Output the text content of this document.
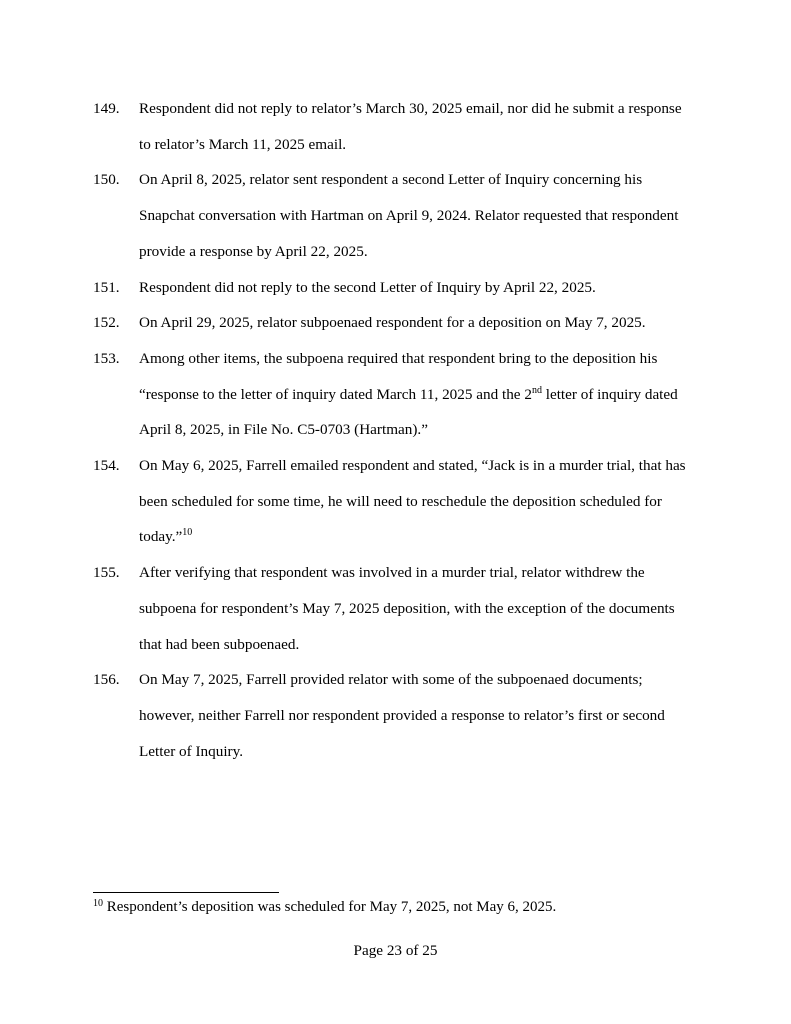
149. Respondent did not reply to relator’s March 30, 2025 email, nor did he submit a response
to relator’s March 11, 2025 email.
150. On April 8, 2025, relator sent respondent a second Letter of Inquiry concerning his
Snapchat conversation with Hartman on April 9, 2024. Relator requested that respondent
provide a response by April 22, 2025.
151. Respondent did not reply to the second Letter of Inquiry by April 22, 2025.
152. On April 29, 2025, relator subpoenaed respondent for a deposition on May 7, 2025.
153. Among other items, the subpoena required that respondent bring to the deposition his
“response to the letter of inquiry dated March 11, 2025 and the 2nd letter of inquiry dated
April 8, 2025, in File No. C5-0703 (Hartman).”
154. On May 6, 2025, Farrell emailed respondent and stated, “Jack is in a murder trial, that has
been scheduled for some time, he will need to reschedule the deposition scheduled for
today.”$^{10}$
155. After verifying that respondent was involved in a murder trial, relator withdrew the
subpoena for respondent’s May 7, 2025 deposition, with the exception of the documents
that had been subpoenaed.
156. On May 7, 2025, Farrell provided relator with some of the subpoenaed documents;
however, neither Farrell nor respondent provided a response to relator’s first or second
Letter of Inquiry.
$^{10}$ Respondent’s deposition was scheduled for May 7, 2025, not May 6, 2025.
Page 23 of 25
